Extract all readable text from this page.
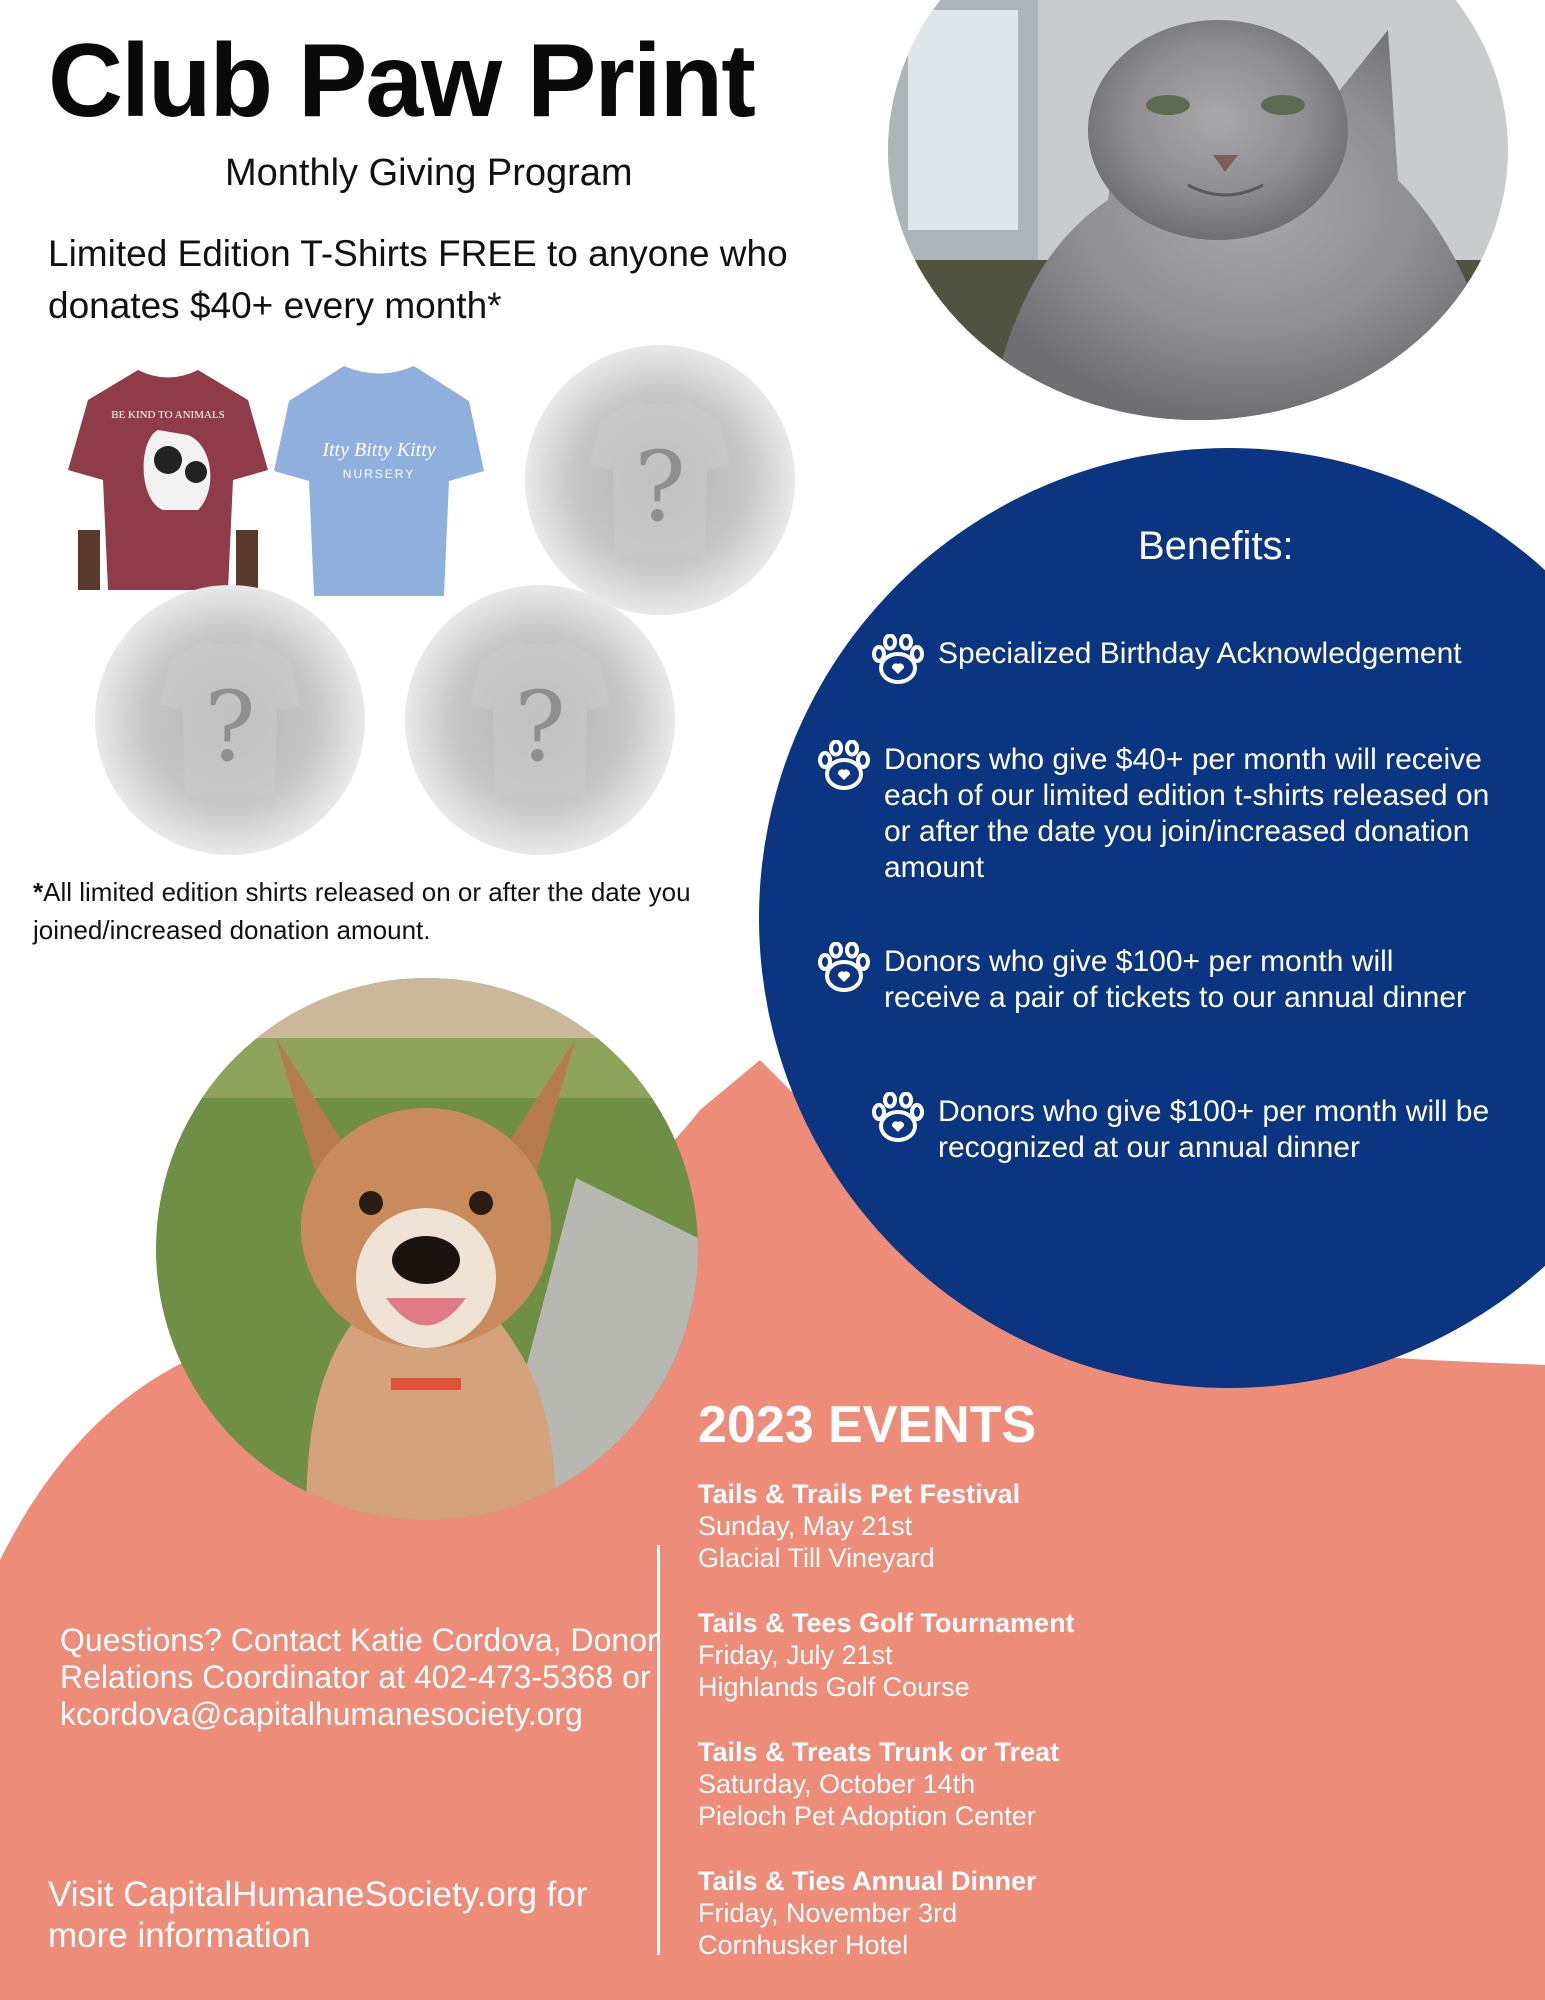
Club Paw Print
Monthly Giving Program
Limited Edition T-Shirts FREE to anyone who donates $40+ every month*
BE KIND TO ANIMALS
Itty Bitty Kitty
NURSERY ?
?	?
*All limited edition shirts released on or after the date you joined/increased donation amount.
Benefits:
Specialized Birthday Acknowledgement
Donors who give $40+ per month will receive each of our limited edition t-shirts released on or after the date you join/increased donation amount
Donors who give $100+ per month will receive a pair of tickets to our annual dinner
Donors who give $100+ per month will be recognized at our annual dinner
2023 EVENTS
Tails & Trails Pet Festival
Sunday, May 21st
Glacial Till Vineyard
Tails & Tees Golf Tournament
Friday, July 21st
Highlands Golf Course
Tails & Treats Trunk or Treat
Saturday, October 14th
Pieloch Pet Adoption Center
Tails & Ties Annual Dinner
Friday, November 3rd
Cornhusker Hotel
Questions? Contact Katie Cordova, Donor Relations Coordinator at 402-473-5368 or kcordova@capitalhumanesociety.org
Visit CapitalHumaneSociety.org for more information
